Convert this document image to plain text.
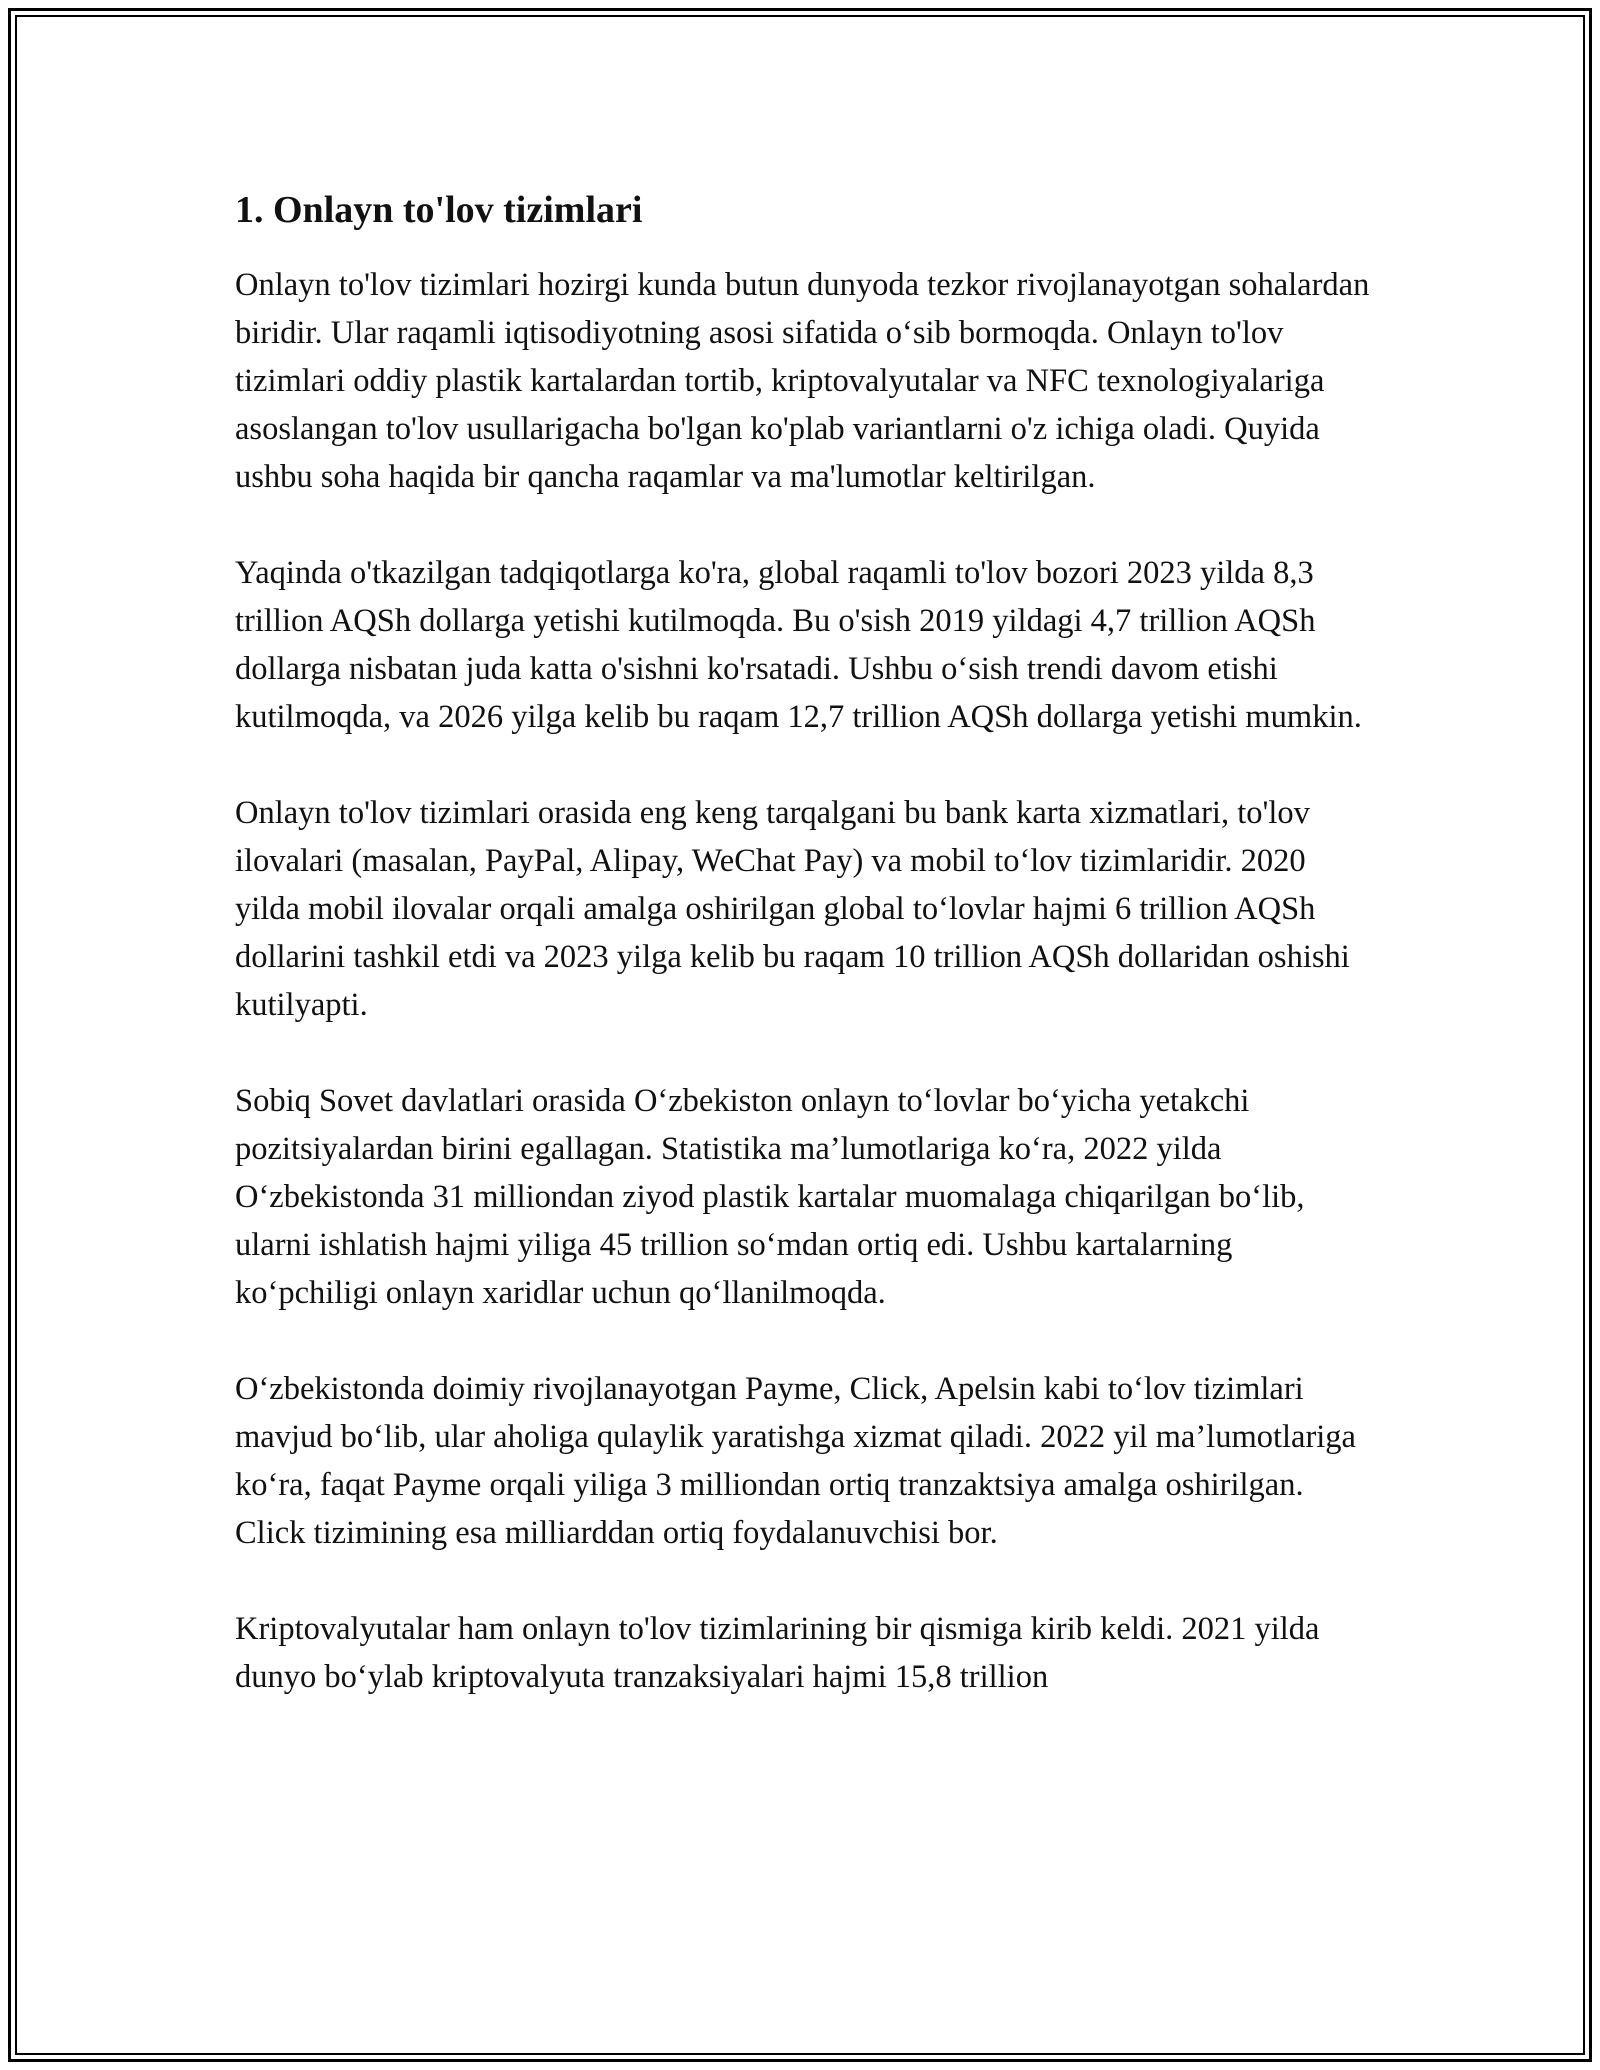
1. Onlayn to'lov tizimlari

Onlayn to'lov tizimlari hozirgi kunda butun dunyoda tezkor rivojlanayotgan sohalardan biridir. Ular raqamli iqtisodiyotning asosi sifatida o‘sib bormoqda. Onlayn to'lov tizimlari oddiy plastik kartalardan tortib, kriptovalyutalar va NFC texnologiyalariga asoslangan to'lov usullarigacha bo'lgan ko'plab variantlarni o'z ichiga oladi. Quyida ushbu soha haqida bir qancha raqamlar va ma'lumotlar keltirilgan.

Yaqinda o'tkazilgan tadqiqotlarga ko'ra, global raqamli to'lov bozori 2023 yilda 8,3 trillion AQSh dollarga yetishi kutilmoqda. Bu o'sish 2019 yildagi 4,7 trillion AQSh dollarga nisbatan juda katta o'sishni ko'rsatadi. Ushbu o‘sish trendi davom etishi kutilmoqda, va 2026 yilga kelib bu raqam 12,7 trillion AQSh dollarga yetishi mumkin.

Onlayn to'lov tizimlari orasida eng keng tarqalgani bu bank karta xizmatlari, to'lov ilovalari (masalan, PayPal, Alipay, WeChat Pay) va mobil to‘lov tizimlaridir. 2020 yilda mobil ilovalar orqali amalga oshirilgan global to‘lovlar hajmi 6 trillion AQSh dollarini tashkil etdi va 2023 yilga kelib bu raqam 10 trillion AQSh dollaridan oshishi kutilyapti.

Sobiq Sovet davlatlari orasida O‘zbekiston onlayn to‘lovlar bo‘yicha yetakchi pozitsiyalardan birini egallagan. Statistika ma’lumotlariga ko‘ra, 2022 yilda O‘zbekistonda 31 milliondan ziyod plastik kartalar muomalaga chiqarilgan bo‘lib, ularni ishlatish hajmi yiliga 45 trillion so‘mdan ortiq edi. Ushbu kartalarning ko‘pchiligi onlayn xaridlar uchun qo‘llanilmoqda.

O‘zbekistonda doimiy rivojlanayotgan Payme, Click, Apelsin kabi to‘lov tizimlari mavjud bo‘lib, ular aholiga qulaylik yaratishga xizmat qiladi. 2022 yil ma’lumotlariga ko‘ra, faqat Payme orqali yiliga 3 milliondan ortiq tranzaktsiya amalga oshirilgan. Click tizimining esa milliarddan ortiq foydalanuvchisi bor.

Kriptovalyutalar ham onlayn to'lov tizimlarining bir qismiga kirib keldi. 2021 yilda dunyo bo‘ylab kriptovalyuta tranzaksiyalari hajmi 15,8 trillion
